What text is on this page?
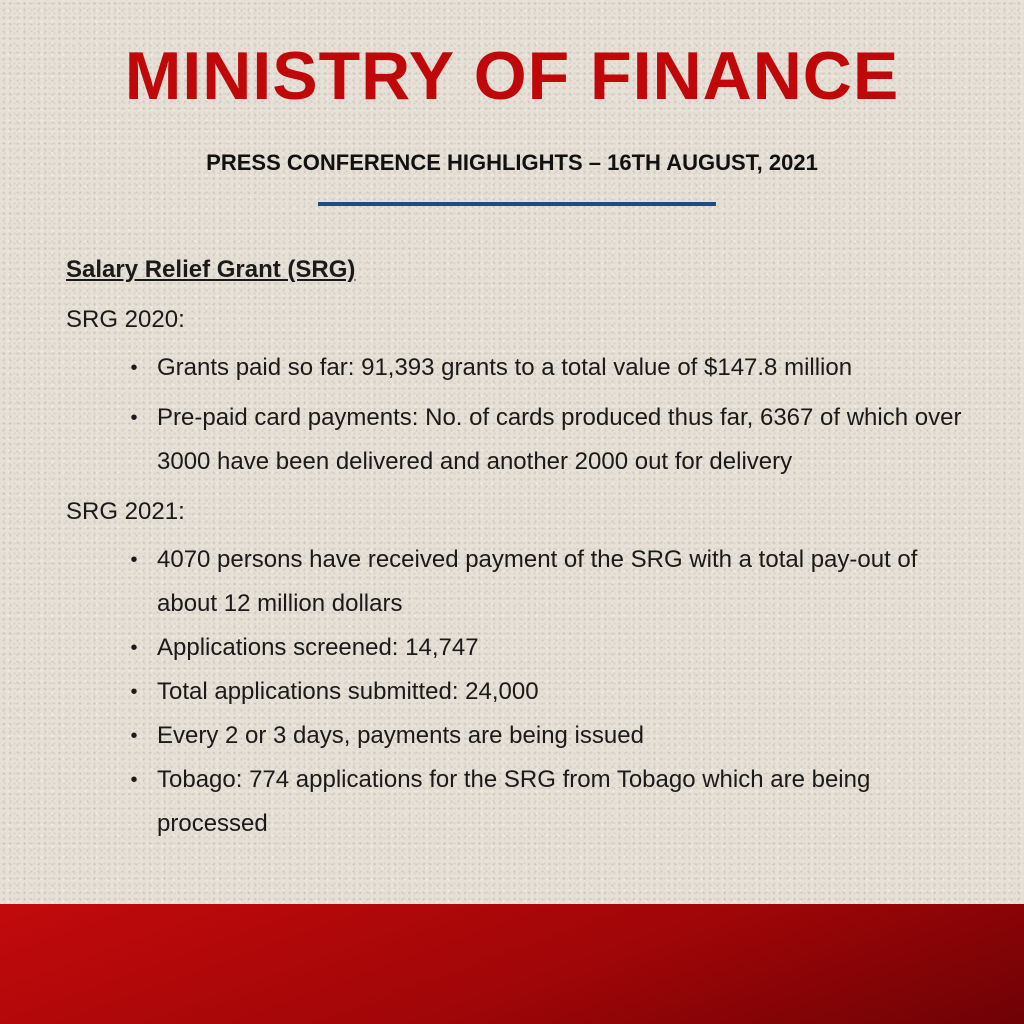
MINISTRY OF FINANCE
PRESS CONFERENCE HIGHLIGHTS – 16TH AUGUST, 2021
Salary Relief Grant (SRG)
SRG 2020:
• Grants paid so far: 91,393 grants to a total value of $147.8 million
• Pre-paid card payments: No. of cards produced thus far, 6367 of which over 3000 have been delivered and another 2000 out for delivery
SRG 2021:
• 4070 persons have received payment of the SRG with a total pay-out of about 12 million dollars
• Applications screened: 14,747
• Total applications submitted: 24,000
• Every 2 or 3 days, payments are being issued
• Tobago: 774 applications for the SRG from Tobago which are being processed
